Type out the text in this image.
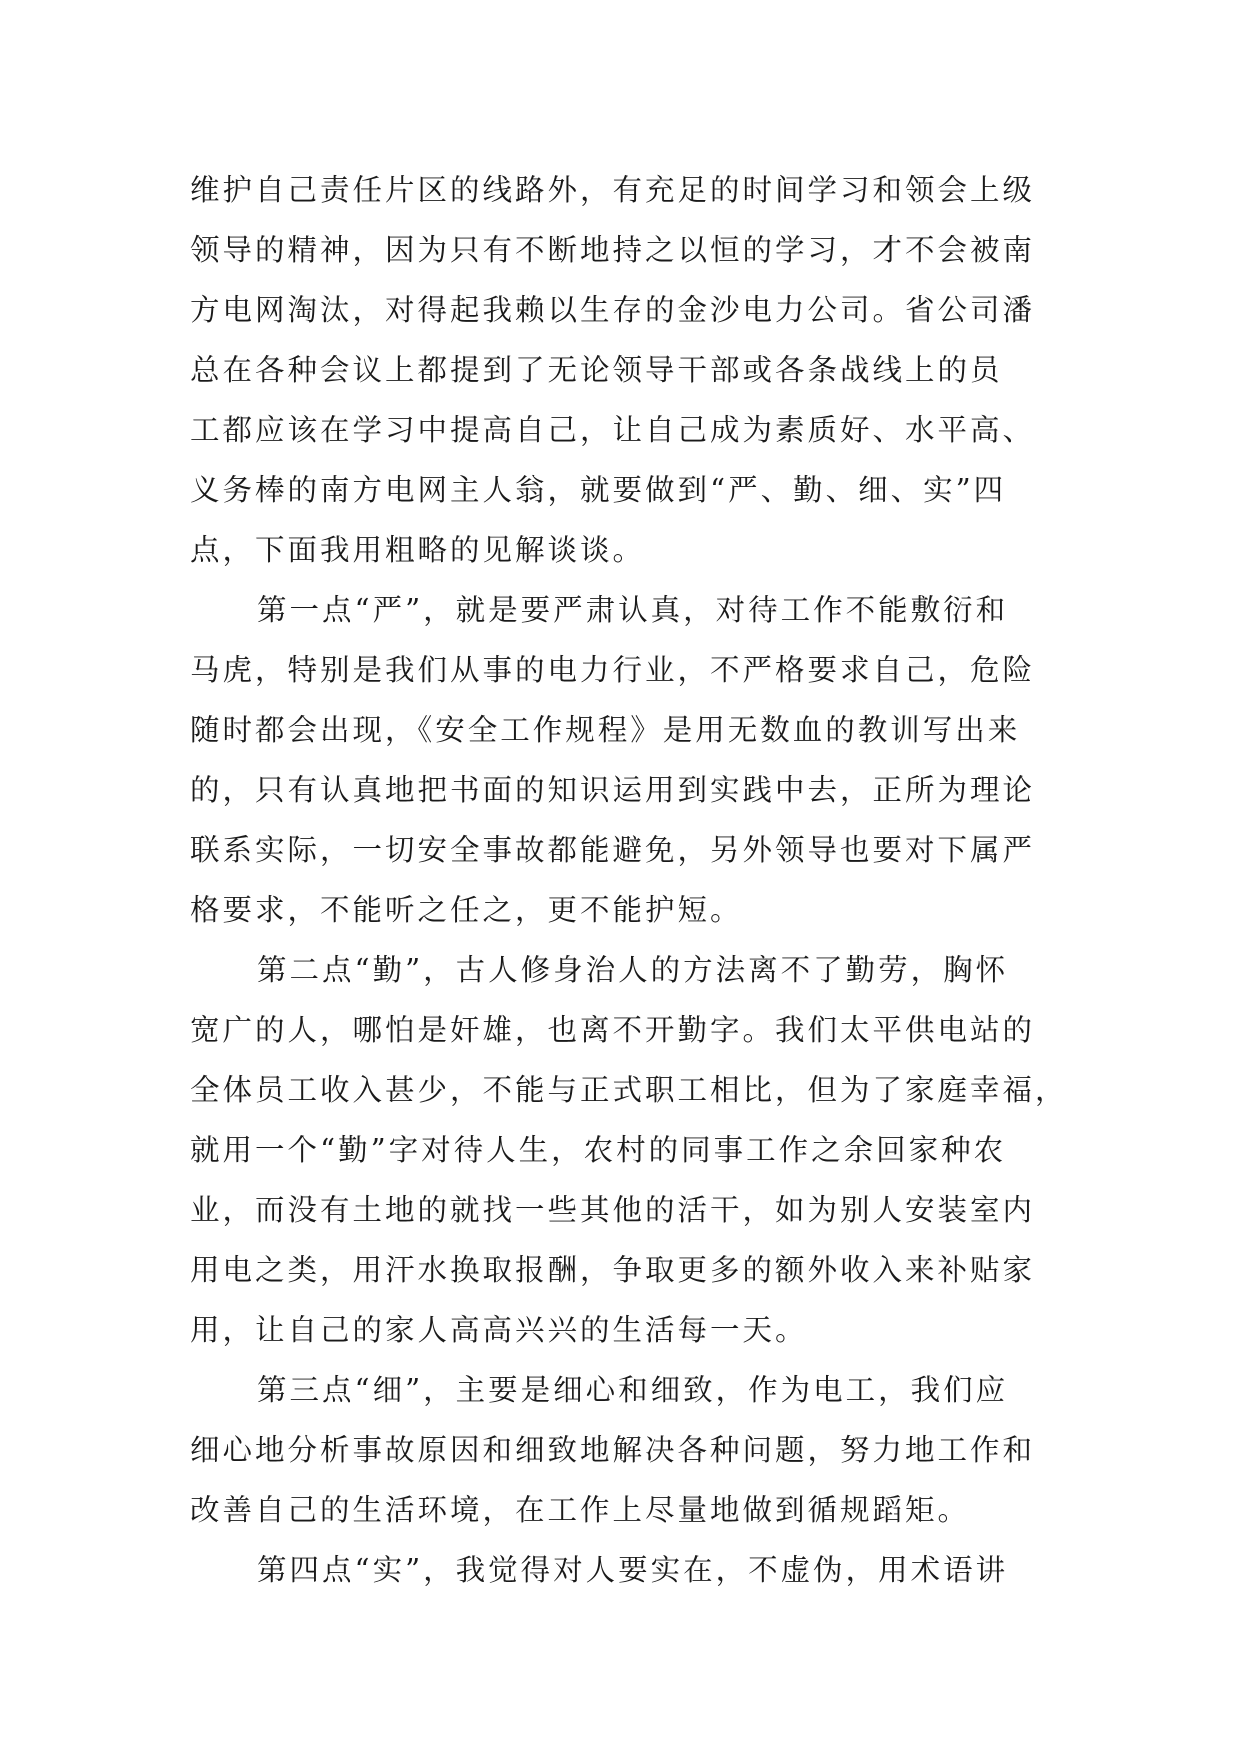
维护自己责任片区的线路外，有充足的时间学习和领会上级
领导的精神，因为只有不断地持之以恒的学习，才不会被南
方电网淘汰，对得起我赖以生存的金沙电力公司。省公司潘
总在各种会议上都提到了无论领导干部或各条战线上的员
工都应该在学习中提高自己，让自己成为素质好、水平高、
义务棒的南方电网主人翁，就要做到“严、勤、细、实”四
点，下面我用粗略的见解谈谈。
第一点“严”，就是要严肃认真，对待工作不能敷衍和
马虎，特别是我们从事的电力行业，不严格要求自己，危险
随时都会出现，《安全工作规程》是用无数血的教训写出来
的，只有认真地把书面的知识运用到实践中去，正所为理论
联系实际，一切安全事故都能避免，另外领导也要对下属严
格要求，不能听之任之，更不能护短。
第二点“勤”，古人修身治人的方法离不了勤劳，胸怀
宽广的人，哪怕是奸雄，也离不开勤字。我们太平供电站的
全体员工收入甚少，不能与正式职工相比，但为了家庭幸福，
就用一个“勤”字对待人生，农村的同事工作之余回家种农
业，而没有土地的就找一些其他的活干，如为别人安装室内
用电之类，用汗水换取报酬，争取更多的额外收入来补贴家
用，让自己的家人高高兴兴的生活每一天。
第三点“细”，主要是细心和细致，作为电工，我们应
细心地分析事故原因和细致地解决各种问题，努力地工作和
改善自己的生活环境，在工作上尽量地做到循规蹈矩。
第四点“实”，我觉得对人要实在，不虚伪，用术语讲
